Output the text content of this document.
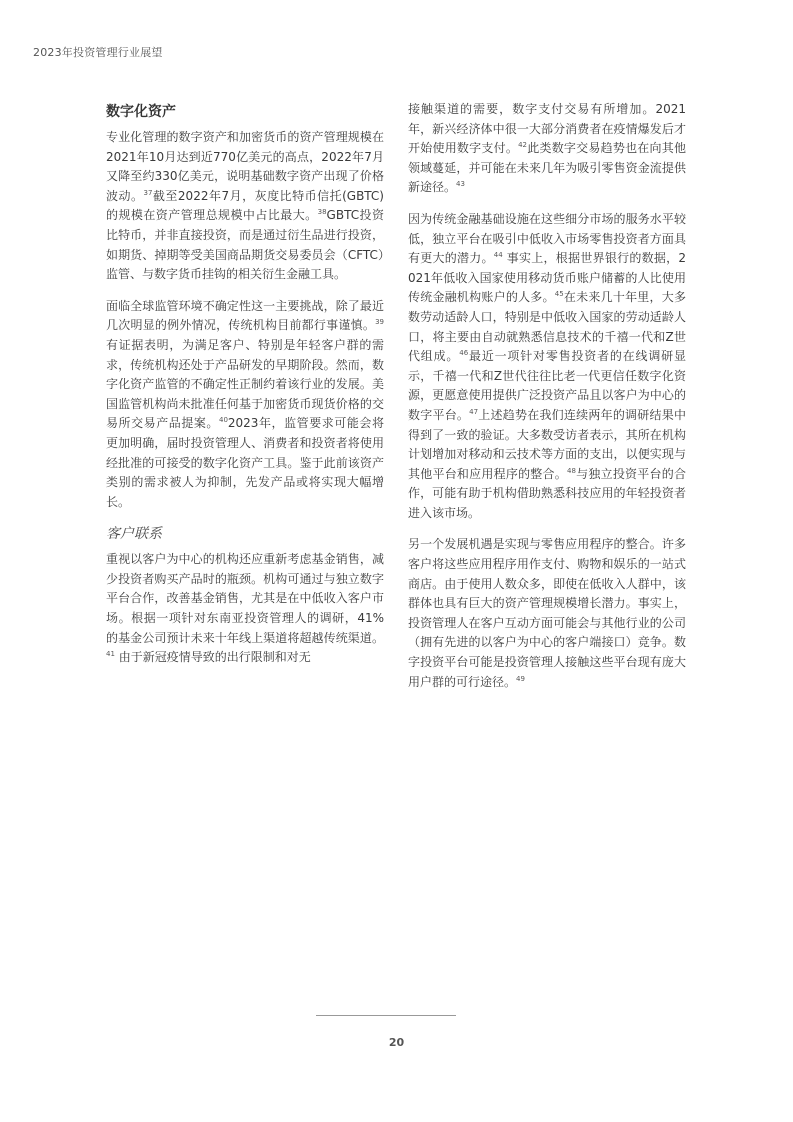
2023年投资管理行业展望
数字化资产

专业化管理的数字资产和加密货币的资产管理规模在2021年10月达到近770亿美元的高点，2022年7月又降至约330亿美元，说明基础数字资产出现了价格波动。$^{37}$截至2022年7月，灰度比特币信托(GBTC)的规模在资产管理总规模中占比最大。$^{38}$GBTC投资比特币，并非直接投资，而是通过衍生品进行投资，如期货、掉期等受美国商品期货交易委员会（CFTC）监管、与数字货币挂钩的相关衍生金融工具。

面临全球监管环境不确定性这一主要挑战，除了最近几次明显的例外情况，传统机构目前都行事谨慎。$^{39}$ 有证据表明，为满足客户、特别是年轻客户群的需求，传统机构还处于产品研发的早期阶段。然而，数字化资产监管的不确定性正制约着该行业的发展。美国监管机构尚未批准任何基于加密货币现货价格的交易所交易产品提案。$^{40}$2023年，监管要求可能会将更加明确，届时投资管理人、消费者和投资者将使用经批准的可接受的数字化资产工具。鉴于此前该资产类别的需求被人为抑制，先发产品或将实现大幅增长。

客户联系

重视以客户为中心的机构还应重新考虑基金销售，减少投资者购买产品时的瓶颈。机构可通过与独立数字平台合作，改善基金销售，尤其是在中低收入客户市场。根据一项针对东南亚投资管理人的调研，41%的基金公司预计未来十年线上渠道将超越传统渠道。$^{41}$ 由于新冠疫情导致的出行限制和对无

接触渠道的需要，数字支付交易有所增加。2021年，新兴经济体中很一大部分消费者在疫情爆发后才开始使用数字支付。$^{42}$此类数字交易趋势也在向其他领域蔓延，并可能在未来几年为吸引零售资金流提供新途径。$^{43}$

因为传统金融基础设施在这些细分市场的服务水平较低，独立平台在吸引中低收入市场零售投资者方面具有更大的潜力。$^{44}$ 事实上，根据世界银行的数据，2021年低收入国家使用移动货币账户储蓄的人比使用传统金融机构账户的人多。$^{45}$在未来几十年里，大多数劳动适龄人口，特别是中低收入国家的劳动适龄人口，将主要由自动就熟悉信息技术的千禧一代和Z世代组成。$^{46}$最近一项针对零售投资者的在线调研显示，千禧一代和Z世代往往比老一代更信任数字化资源，更愿意使用提供广泛投资产品且以客户为中心的数字平台。$^{47}$上述趋势在我们连续两年的调研结果中得到了一致的验证。大多数受访者表示，其所在机构计划增加对移动和云技术等方面的支出，以便实现与其他平台和应用程序的整合。$^{48}$与独立投资平台的合作，可能有助于机构借助熟悉科技应用的年轻投资者进入该市场。

另一个发展机遇是实现与零售应用程序的整合。许多客户将这些应用程序用作支付、购物和娱乐的一站式商店。由于使用人数众多，即使在低收入人群中，该群体也具有巨大的资产管理规模增长潜力。事实上，投资管理人在客户互动方面可能会与其他行业的公司（拥有先进的以客户为中心的客户端接口）竞争。数字投资平台可能是投资管理人接触这些平台现有庞大用户群的可行途径。$^{49}$

20
